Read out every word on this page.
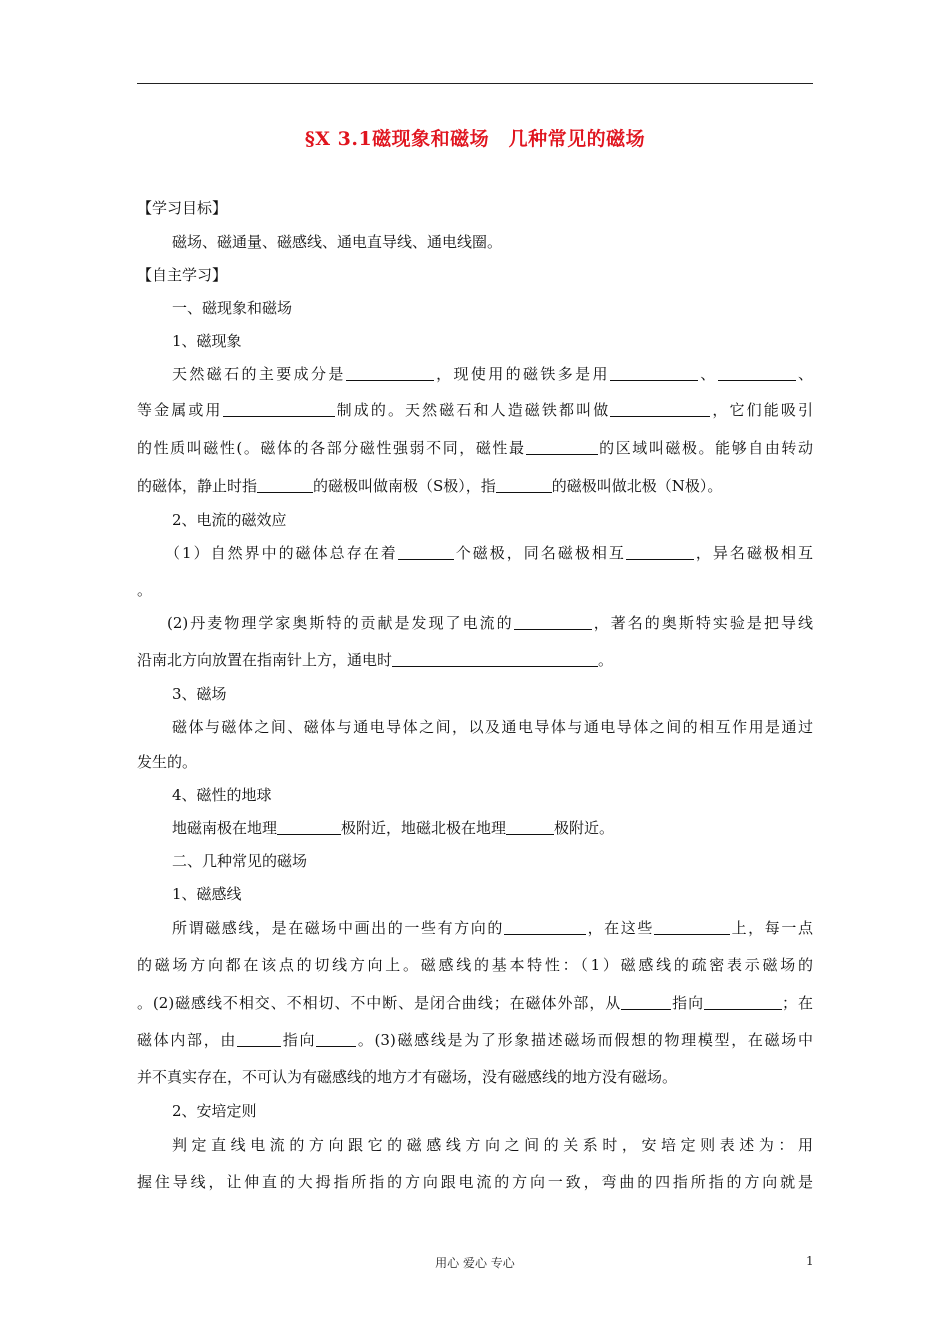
§X 3.1磁现象和磁场　几种常见的磁场
【学习目标】
磁场、磁通量、磁感线、通电直导线、通电线圈。
【自主学习】
一、磁现象和磁场
1、磁现象
天然磁石的主要成分是	，现使用的磁铁多是用	、	、
等金属或用	制成的。天然磁石和人造磁铁都叫做	，它们能吸引
的性质叫磁性(。磁体的各部分磁性强弱不同，磁性最	的区域叫磁极。能够自由转动
的磁体，静止时指	的磁极叫做南极（S极），指	的磁极叫做北极（N极）。
2、电流的磁效应
（1）自然界中的磁体总存在着	个磁极，同名磁极相互	，异名磁极相互
。
(2)丹麦物理学家奥斯特的贡献是发现了电流的	，著名的奥斯特实验是把导线
沿南北方向放置在指南针上方，通电时	。
3、磁场
磁体与磁体之间、磁体与通电导体之间，以及通电导体与通电导体之间的相互作用是通过
发生的。
4、磁性的地球
地磁南极在地理	极附近，地磁北极在地理	极附近。
二、几种常见的磁场
1、磁感线
所谓磁感线，是在磁场中画出的一些有方向的	，在这些	上，每一点
的磁场方向都在该点的切线方向上。磁感线的基本特性：（1）磁感线的疏密表示磁场的
。(2)磁感线不相交、不相切、不中断、是闭合曲线；在磁体外部，从	指向	；在
磁体内部，由	指向	。(3)磁感线是为了形象描述磁场而假想的物理模型，在磁场中
并不真实存在，不可认为有磁感线的地方才有磁场，没有磁感线的地方没有磁场。
2、安培定则
判定直线电流的方向跟它的磁感线方向之间的关系时，安培定则表述为：用
握住导线，让伸直的大拇指所指的方向跟电流的方向一致，弯曲的四指所指的方向就是
用心 爱心 专心	1
